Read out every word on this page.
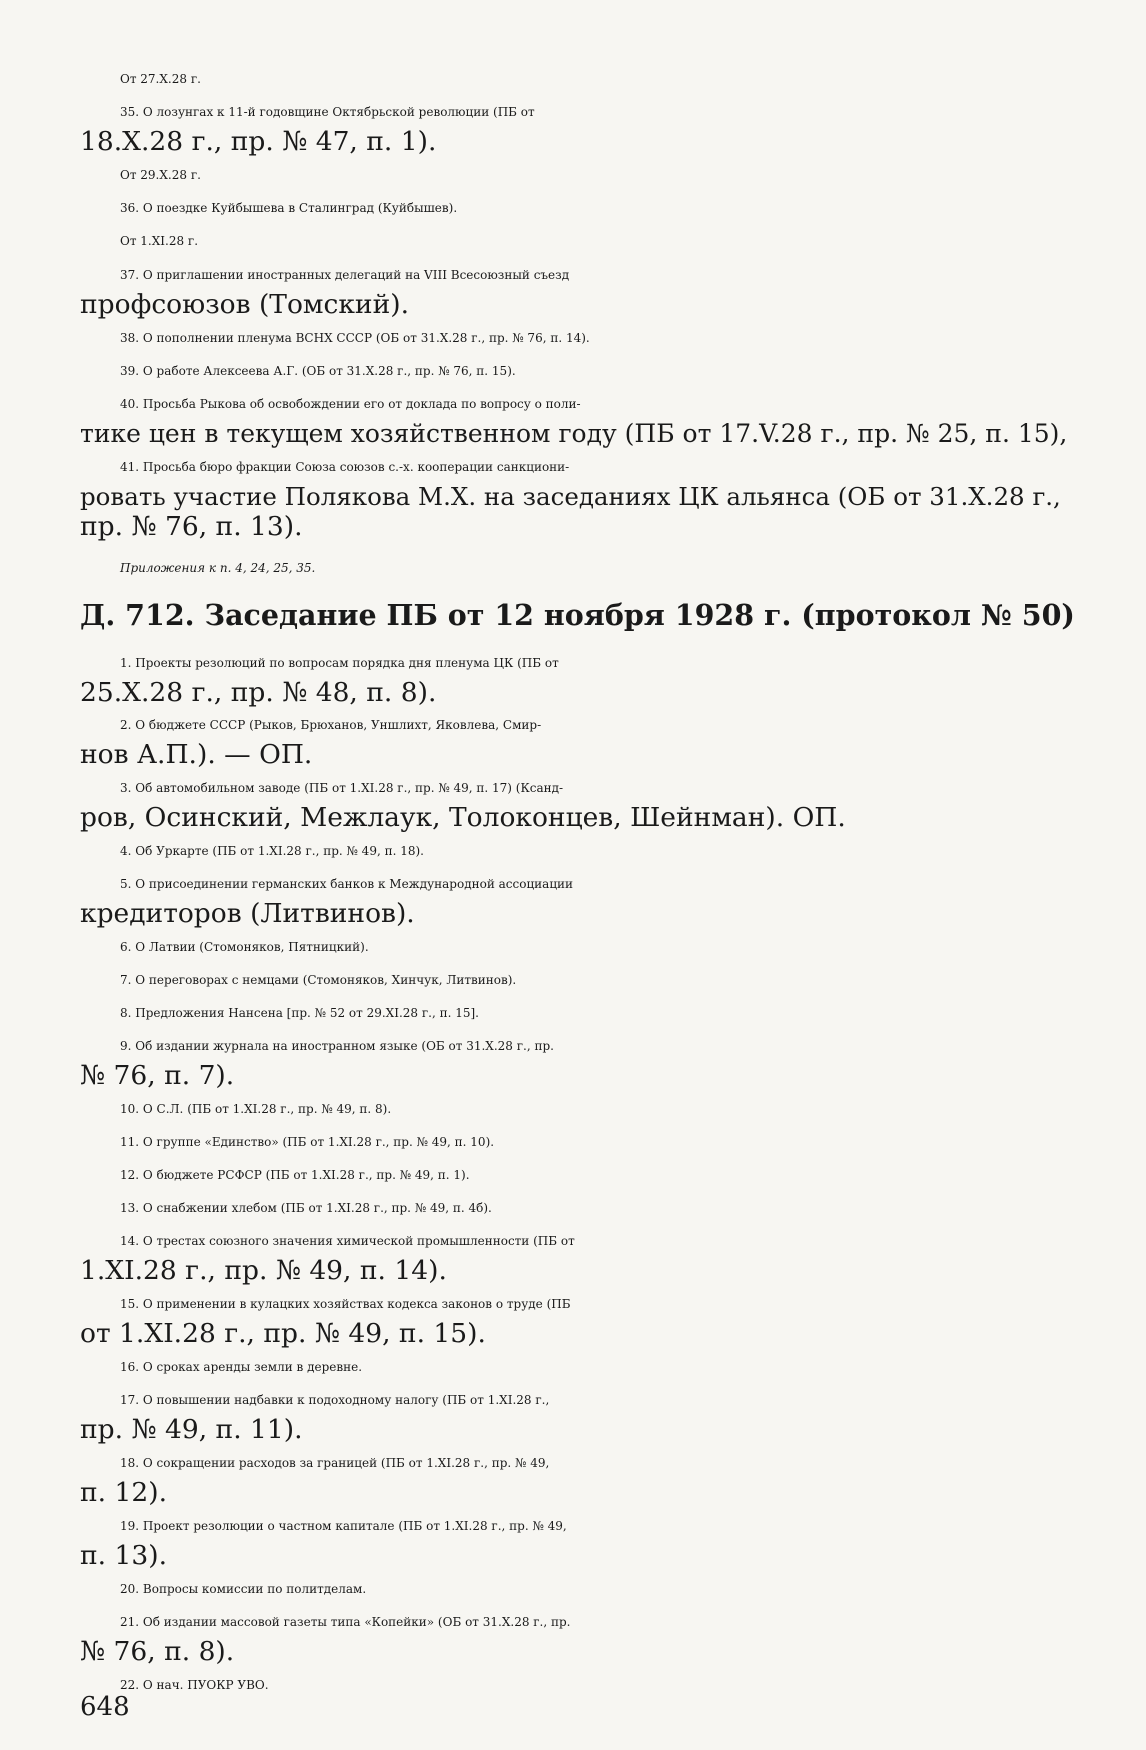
От 27.X.28 г.
35. О лозунгах к 11-й годовщине Октябрьской революции (ПБ от
18.X.28 г., пр. № 47, п. 1).
От 29.X.28 г.
36. О поездке Куйбышева в Сталинград (Куйбышев).
От 1.XI.28 г.
37. О приглашении иностранных делегаций на VIII Всесоюзный съезд
профсоюзов (Томский).
38. О пополнении пленума ВСНХ СССР (ОБ от 31.X.28 г., пр. № 76, п. 14).
39. О работе Алексеева А.Г. (ОБ от 31.X.28 г., пр. № 76, п. 15).
40. Просьба Рыкова об освобождении его от доклада по вопросу о поли-
тике цен в текущем хозяйственном году (ПБ от 17.V.28 г., пр. № 25, п. 15),
41. Просьба бюро фракции Союза союзов с.-х. кооперации санкциони-
ровать участие Полякова М.X. на заседаниях ЦК альянса (ОБ от 31.X.28 г.,
пр. № 76, п. 13).
Приложения к п. 4, 24, 25, 35.
Д. 712. Заседание ПБ от 12 ноября 1928 г. (протокол № 50)
1. Проекты резолюций по вопросам порядка дня пленума ЦК (ПБ от
25.X.28 г., пр. № 48, п. 8).
2. О бюджете СССР (Рыков, Брюханов, Уншлихт, Яковлева, Смир-
нов А.П.). — ОП.
3. Об автомобильном заводе (ПБ от 1.XI.28 г., пр. № 49, п. 17) (Ксанд-
ров, Осинский, Межлаук, Толоконцев, Шейнман). ОП.
4. Об Уркарте (ПБ от 1.XI.28 г., пр. № 49, п. 18).
5. О присоединении германских банков к Международной ассоциации
кредиторов (Литвинов).
6. О Латвии (Стомоняков, Пятницкий).
7. О переговорах с немцами (Стомоняков, Хинчук, Литвинов).
8. Предложения Нансена [пр. № 52 от 29.XI.28 г., п. 15].
9. Об издании журнала на иностранном языке (ОБ от 31.X.28 г., пр.
№ 76, п. 7).
10. О С.Л. (ПБ от 1.XI.28 г., пр. № 49, п. 8).
11. О группе «Единство» (ПБ от 1.XI.28 г., пр. № 49, п. 10).
12. О бюджете РСФСР (ПБ от 1.XI.28 г., пр. № 49, п. 1).
13. О снабжении хлебом (ПБ от 1.XI.28 г., пр. № 49, п. 4б).
14. О трестах союзного значения химической промышленности (ПБ от
1.XI.28 г., пр. № 49, п. 14).
15. О применении в кулацких хозяйствах кодекса законов о труде (ПБ
от 1.XI.28 г., пр. № 49, п. 15).
16. О сроках аренды земли в деревне.
17. О повышении надбавки к подоходному налогу (ПБ от 1.XI.28 г.,
пр. № 49, п. 11).
18. О сокращении расходов за границей (ПБ от 1.XI.28 г., пр. № 49,
п. 12).
19. Проект резолюции о частном капитале (ПБ от 1.XI.28 г., пр. № 49,
п. 13).
20. Вопросы комиссии по политделам.
21. Об издании массовой газеты типа «Копейки» (ОБ от 31.X.28 г., пр.
№ 76, п. 8).
22. О нач. ПУОКР УВО.
648
